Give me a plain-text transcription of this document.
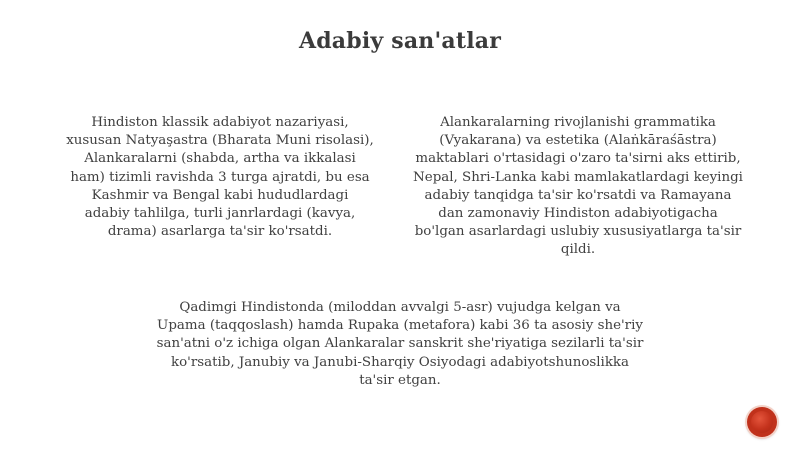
Adabiy san'atlar
Hindiston klassik adabiyot nazariyasi,
xususan Natyaşastra (Bharata Muni risolasi),
Alankaralarni (shabda, artha va ikkalasi
ham) tizimli ravishda 3 turga ajratdi, bu esa
Kashmir va Bengal kabi hududlardagi
adabiy tahlilga, turli janrlardagi (kavya,
drama) asarlarga ta'sir ko'rsatdi.
Alankaralarning rivojlanishi grammatika
(Vyakarana) va estetika (Alaṅkāraśāstra)
maktablari o'rtasidagi o'zaro ta'sirni aks ettirib,
Nepal, Shri-Lanka kabi mamlakatlardagi keyingi
adabiy tanqidga ta'sir ko'rsatdi va Ramayana
dan zamonaviy Hindiston adabiyotigacha
bo'lgan asarlardagi uslubiy xususiyatlarga ta'sir
qildi.
Qadimgi Hindistonda (miloddan avvalgi 5-asr) vujudga kelgan va
Upama (taqqoslash) hamda Rupaka (metafora) kabi 36 ta asosiy she'riy
san'atni o'z ichiga olgan Alankaralar sanskrit she'riyatiga sezilarli ta'sir
ko'rsatib, Janubiy va Janubi-Sharqiy Osiyodagi adabiyotshunoslikka
ta'sir etgan.
